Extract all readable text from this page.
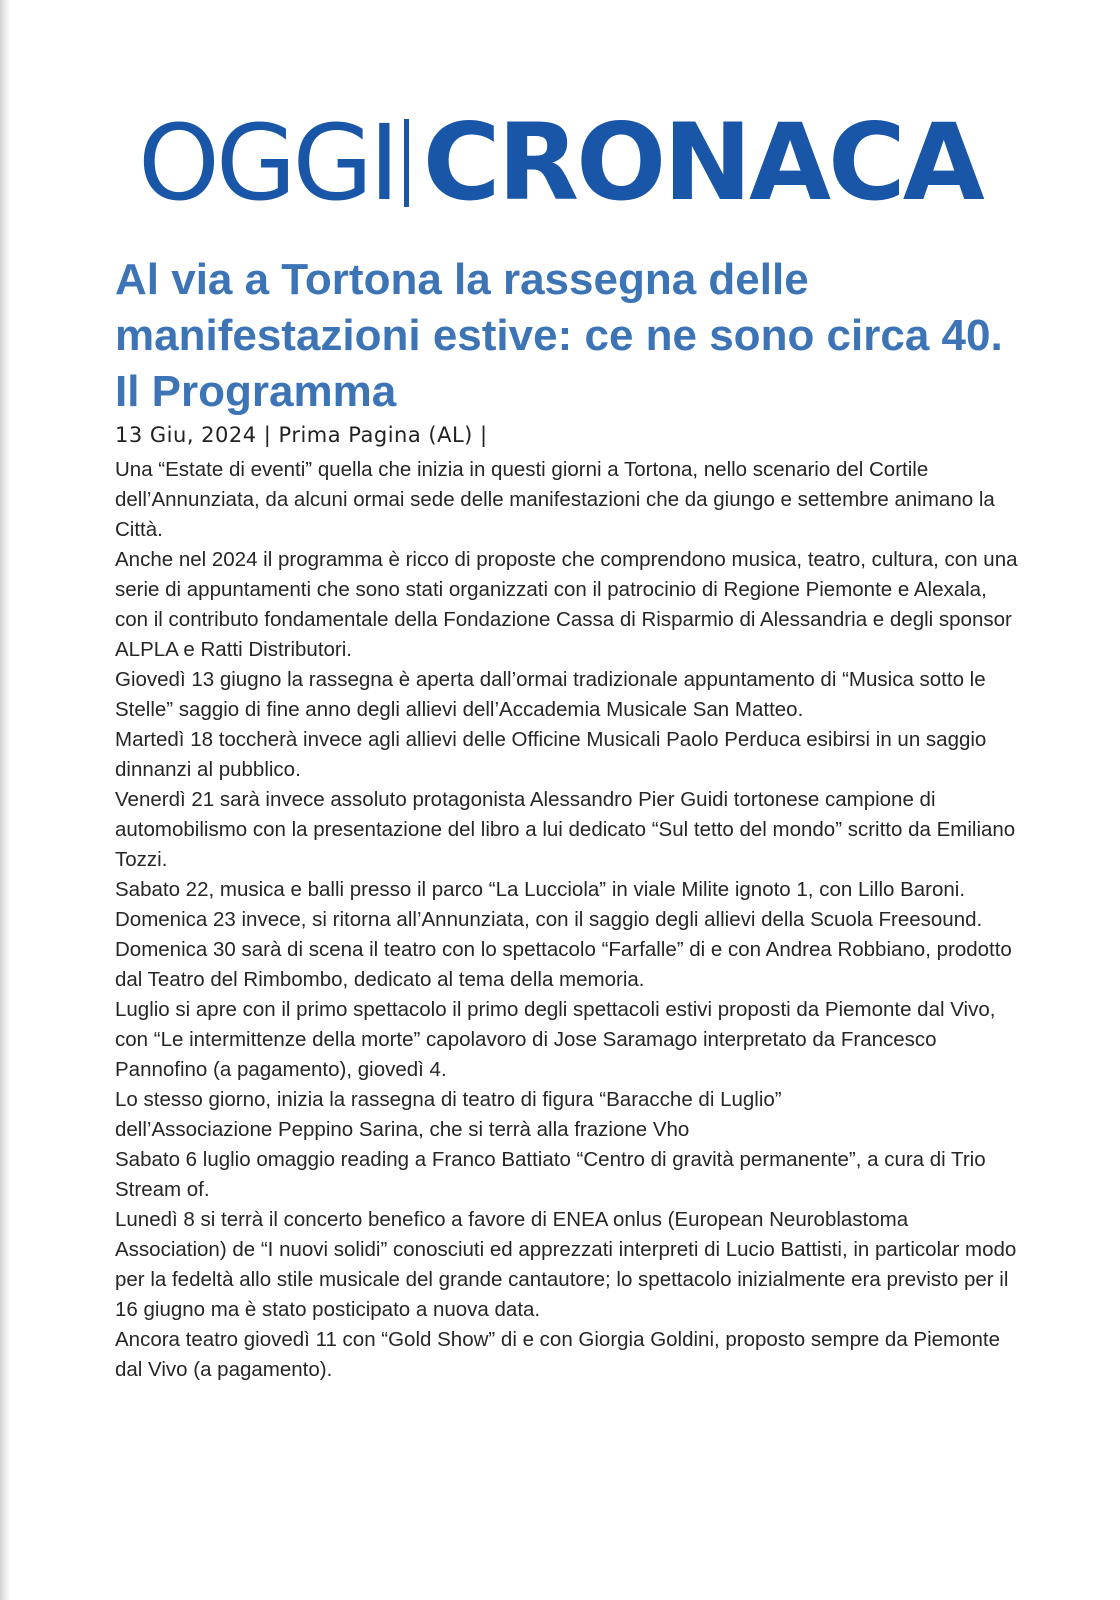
OGGI CRONACA
Al via a Tortona la rassegna delle manifestazioni estive: ce ne sono circa 40. Il Programma
13 Giu, 2024 | Prima Pagina (AL) |

Una “Estate di eventi” quella che inizia in questi giorni a Tortona, nello scenario del Cortile dell’Annunziata, da alcuni ormai sede delle manifestazioni che da giungo e settembre animano la Città.

Anche nel 2024 il programma è ricco di proposte che comprendono musica, teatro, cultura, con una serie di appuntamenti che sono stati organizzati con il patrocinio di Regione Piemonte e Alexala, con il contributo fondamentale della Fondazione Cassa di Risparmio di Alessandria e degli sponsor ALPLA e Ratti Distributori.

Giovedì 13 giugno la rassegna è aperta dall’ormai tradizionale appuntamento di “Musica sotto le Stelle” saggio di fine anno degli allievi dell’Accademia Musicale San Matteo.

Martedì 18 toccherà invece agli allievi delle Officine Musicali Paolo Perduca esibirsi in un saggio dinnanzi al pubblico.

Venerdì 21 sarà invece assoluto protagonista Alessandro Pier Guidi tortonese campione di automobilismo con la presentazione del libro a lui dedicato “Sul tetto del mondo” scritto da Emiliano Tozzi.

Sabato 22, musica e balli presso il parco “La Lucciola” in viale Milite ignoto 1, con Lillo Baroni.

Domenica 23 invece, si ritorna all’Annunziata, con il saggio degli allievi della Scuola Freesound.

Domenica 30 sarà di scena il teatro con lo spettacolo “Farfalle” di e con Andrea Robbiano, prodotto dal Teatro del Rimbombo, dedicato al tema della memoria.

Luglio si apre con il primo spettacolo il primo degli spettacoli estivi proposti da Piemonte dal Vivo, con “Le intermittenze della morte” capolavoro di Jose Saramago interpretato da Francesco Pannofino (a pagamento), giovedì 4.

Lo stesso giorno, inizia la rassegna di teatro di figura “Baracche di Luglio”
dell’Associazione Peppino Sarina, che si terrà alla frazione Vho

Sabato 6 luglio omaggio reading a Franco Battiato “Centro di gravità permanente”, a cura di Trio Stream of.

Lunedì 8 si terrà il concerto benefico a favore di ENEA onlus (European Neuroblastoma Association) de “I nuovi solidi” conosciuti ed apprezzati interpreti di Lucio Battisti, in particolar modo per la fedeltà allo stile musicale del grande cantautore; lo spettacolo inizialmente era previsto per il 16 giugno ma è stato posticipato a nuova data.

Ancora teatro giovedì 11 con “Gold Show” di e con Giorgia Goldini, proposto sempre da Piemonte dal Vivo (a pagamento).
